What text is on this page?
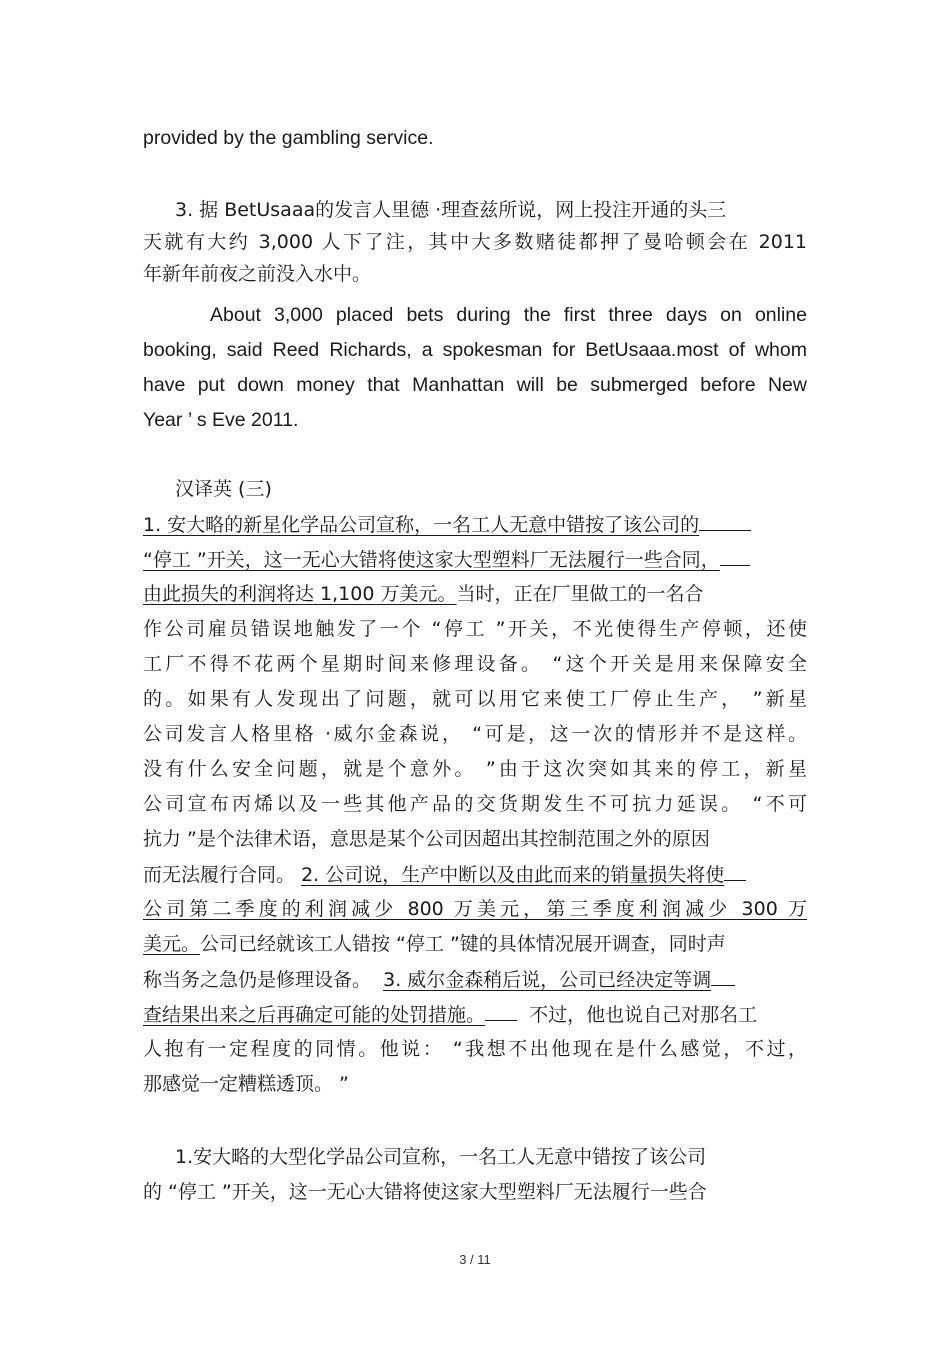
provided by the gambling service.
3. 据 BetUsaaa的发言人里德 ·理查兹所说，网上投注开通的头三
天就有大约 3,000 人下了注，其中大多数赌徒都押了曼哈顿会在 2011
年新年前夜之前没入水中。
About 3,000 placed bets during the first three days on online
booking, said Reed Richards, a spokesman for BetUsaaa.most of whom
have put down money that Manhattan will be submerged before New
Year ’ s Eve 2011.
汉译英 (三)
1. 安大略的新星化学品公司宣称，一名工人无意中错按了该公司的
“停工 ”开关，这一无心大错将使这家大型塑料厂无法履行一些合同，
由此损失的利润将达 1,100 万美元。当时，正在厂里做工的一名合
作公司雇员错误地触发了一个 “停工 ”开关，不光使得生产停顿，还使
工厂不得不花两个星期时间来修理设备。 “这个开关是用来保障安全
的。如果有人发现出了问题，就可以用它来使工厂停止生产， ”新星
公司发言人格里格 ·威尔金森说， “可是，这一次的情形并不是这样。
没有什么安全问题，就是个意外。 ”由于这次突如其来的停工，新星
公司宣布丙烯以及一些其他产品的交货期发生不可抗力延误。 “不可
抗力 ”是个法律术语，意思是某个公司因超出其控制范围之外的原因
而无法履行合同。 2. 公司说，生产中断以及由此而来的销量损失将使
公司第二季度的利润减少 800 万美元，第三季度利润减少 300 万
美元。公司已经就该工人错按 “停工 ”键的具体情况展开调查，同时声
称当务之急仍是修理设备。 3. 威尔金森稍后说，公司已经决定等调
查结果出来之后再确定可能的处罚措施。 不过，他也说自己对那名工
人抱有一定程度的同情。他说： “我想不出他现在是什么感觉，不过，
那感觉一定糟糕透顶。 ”
1.安大略的大型化学品公司宣称，一名工人无意中错按了该公司
的 “停工 ”开关，这一无心大错将使这家大型塑料厂无法履行一些合
3 / 11
